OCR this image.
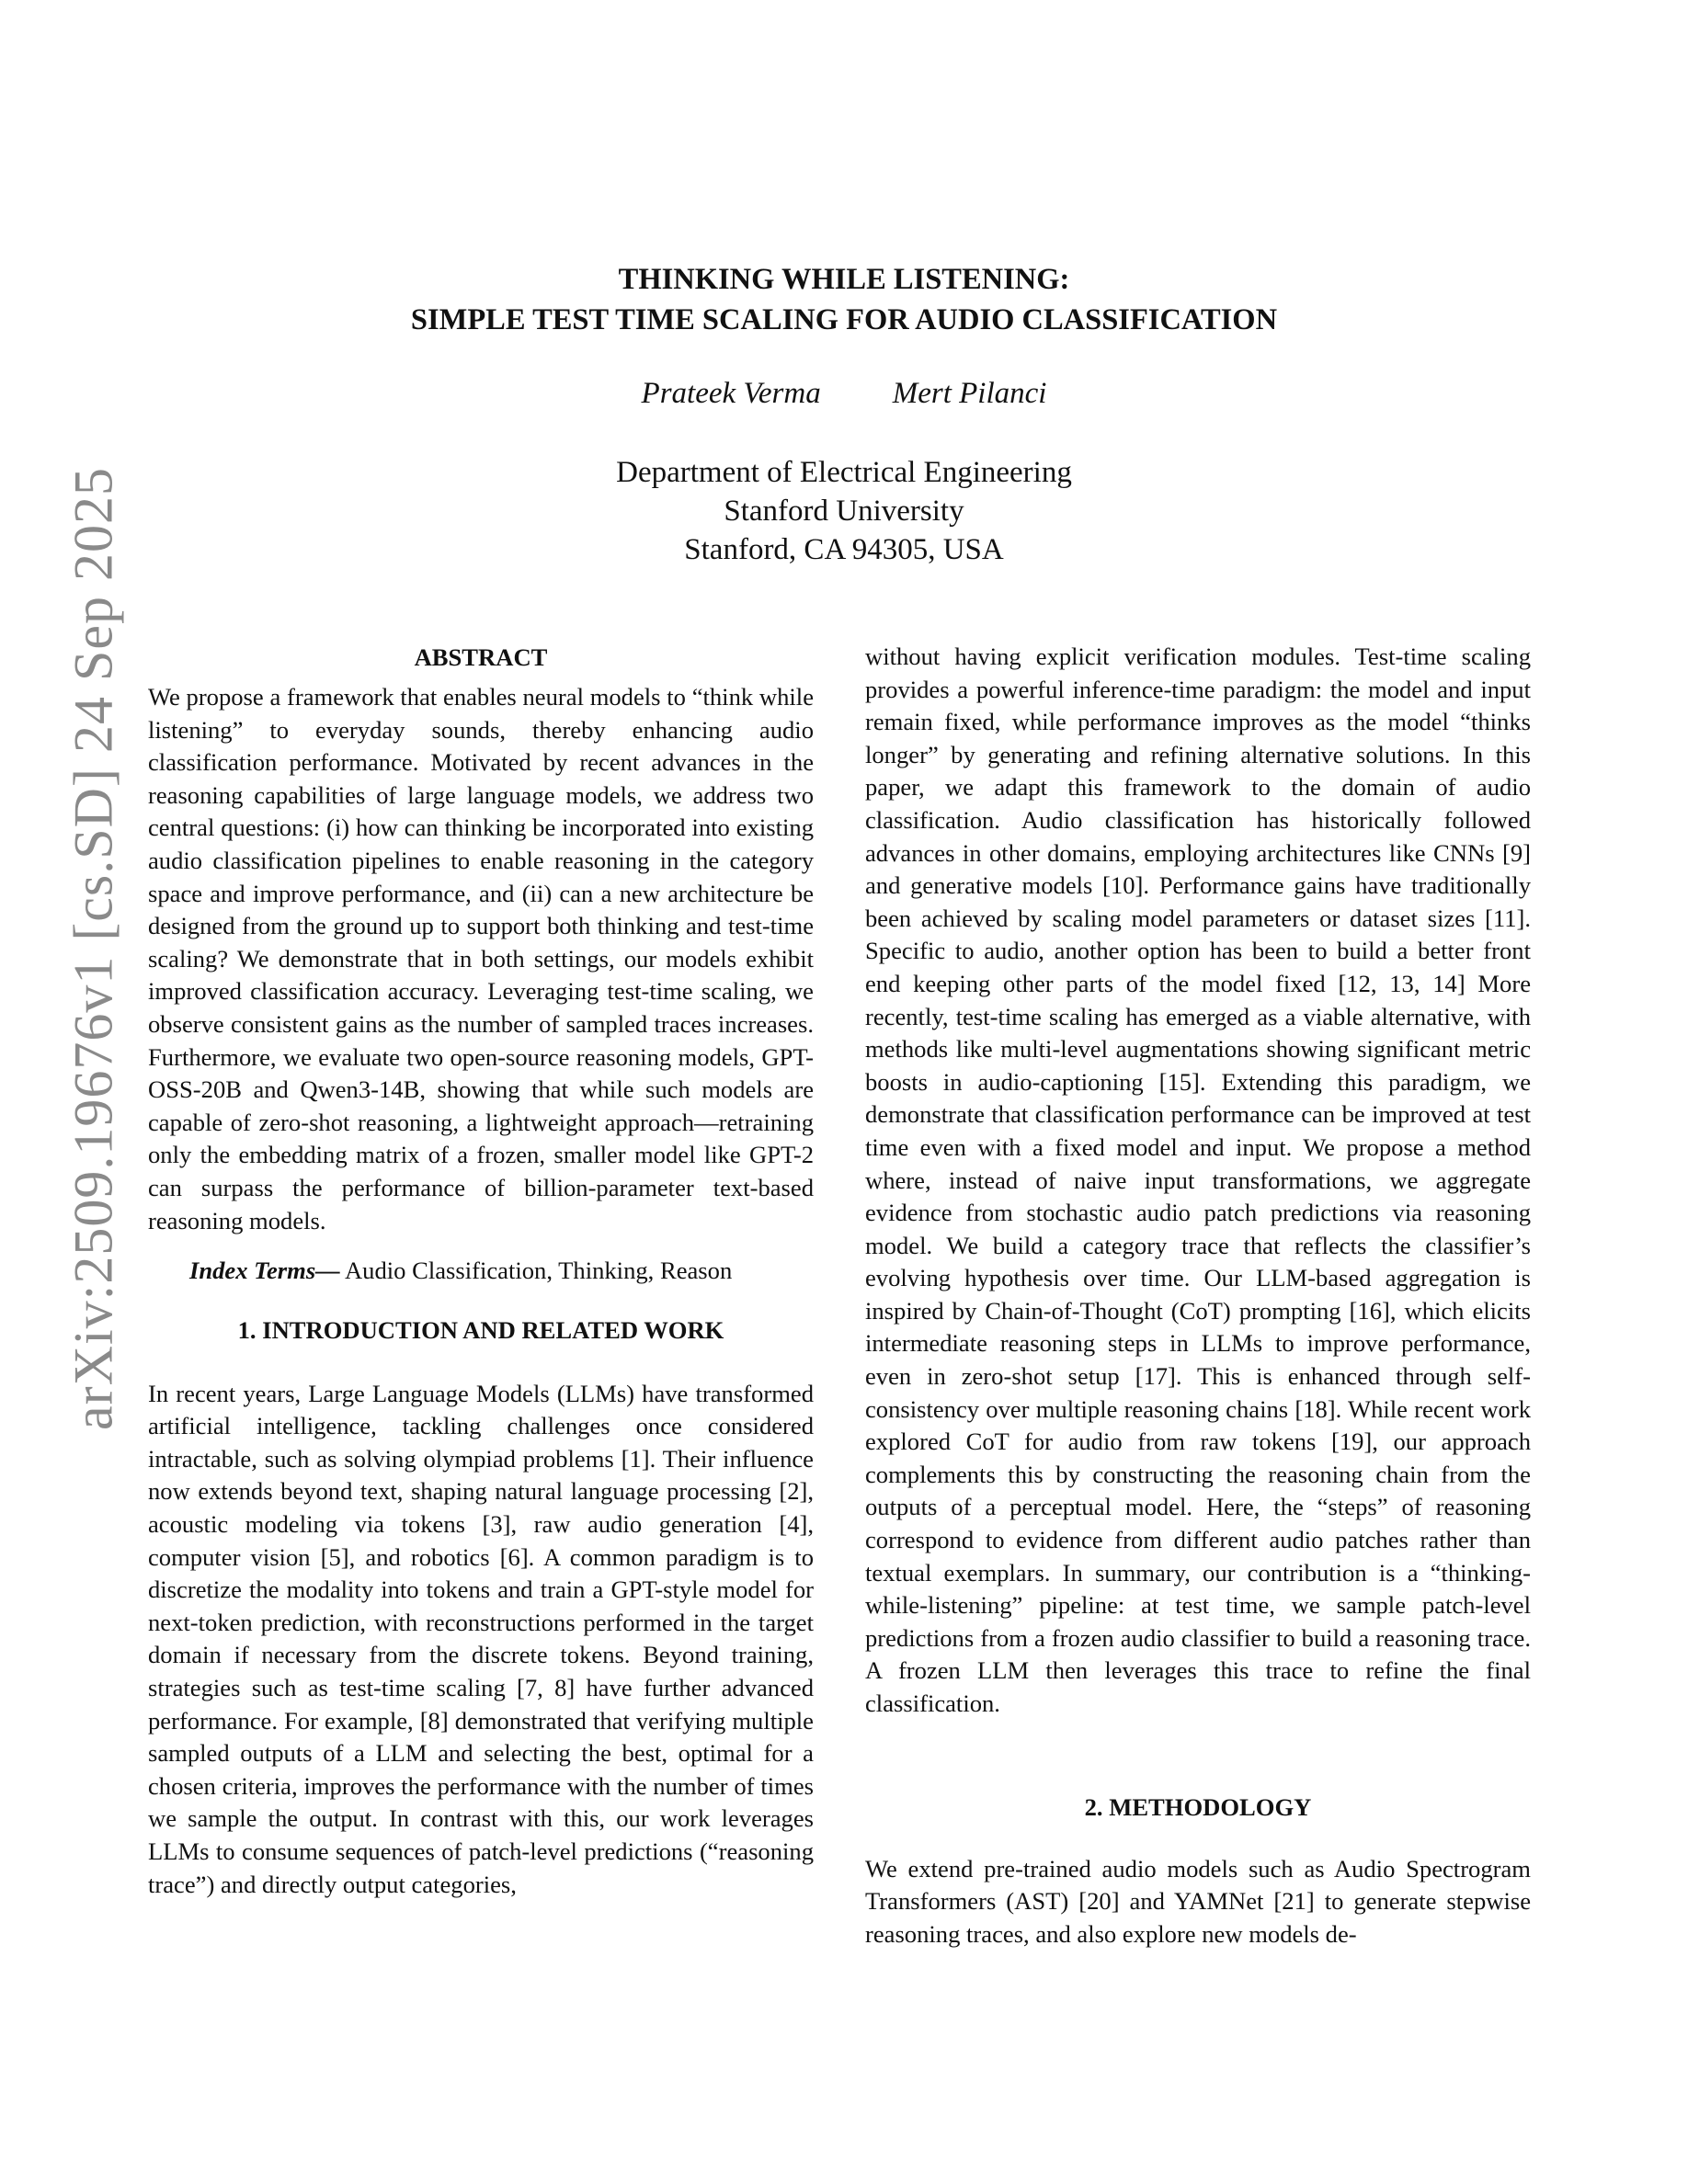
arXiv:2509.19676v1 [cs.SD] 24 Sep 2025
THINKING WHILE LISTENING:
SIMPLE TEST TIME SCALING FOR AUDIO CLASSIFICATION
Prateek Verma Mert Pilanci
Department of Electrical Engineering
Stanford University
Stanford, CA 94305, USA
ABSTRACT

We propose a framework that enables neural models to “think while listening” to everyday sounds, thereby enhancing audio classification performance. Motivated by recent advances in the reasoning capabilities of large language models, we address two central questions: (i) how can thinking be incorporated into existing audio classification pipelines to enable reasoning in the category space and improve performance, and (ii) can a new architecture be designed from the ground up to support both thinking and test-time scaling? We demonstrate that in both settings, our models exhibit improved classification accuracy. Leveraging test-time scaling, we observe consistent gains as the number of sampled traces increases. Furthermore, we evaluate two open-source reasoning models, GPT-OSS-20B and Qwen3-14B, showing that while such models are capable of zero-shot reasoning, a lightweight approach—retraining only the embedding matrix of a frozen, smaller model like GPT-2 can surpass the performance of billion-parameter text-based reasoning models.

Index Terms— Audio Classification, Thinking, Reason

1. INTRODUCTION AND RELATED WORK

In recent years, Large Language Models (LLMs) have transformed artificial intelligence, tackling challenges once considered intractable, such as solving olympiad problems [1]. Their influence now extends beyond text, shaping natural language processing [2], acoustic modeling via tokens [3], raw audio generation [4], computer vision [5], and robotics [6]. A common paradigm is to discretize the modality into tokens and train a GPT-style model for next-token prediction, with reconstructions performed in the target domain if necessary from the discrete tokens. Beyond training, strategies such as test-time scaling [7, 8] have further advanced performance. For example, [8] demonstrated that verifying multiple sampled outputs of a LLM and selecting the best, optimal for a chosen criteria, improves the performance with the number of times we sample the output. In contrast with this, our work leverages LLMs to consume sequences of patch-level predictions (“reasoning trace”) and directly output categories,

without having explicit verification modules. Test-time scaling provides a powerful inference-time paradigm: the model and input remain fixed, while performance improves as the model “thinks longer” by generating and refining alternative solutions. In this paper, we adapt this framework to the domain of audio classification. Audio classification has historically followed advances in other domains, employing architectures like CNNs [9] and generative models [10]. Performance gains have traditionally been achieved by scaling model parameters or dataset sizes [11]. Specific to audio, another option has been to build a better front end keeping other parts of the model fixed [12, 13, 14] More recently, test-time scaling has emerged as a viable alternative, with methods like multi-level augmentations showing significant metric boosts in audio-captioning [15]. Extending this paradigm, we demonstrate that classification performance can be improved at test time even with a fixed model and input. We propose a method where, instead of naive input transformations, we aggregate evidence from stochastic audio patch predictions via reasoning model. We build a category trace that reflects the classifier’s evolving hypothesis over time. Our LLM-based aggregation is inspired by Chain-of-Thought (CoT) prompting [16], which elicits intermediate reasoning steps in LLMs to improve performance, even in zero-shot setup [17]. This is enhanced through self-consistency over multiple reasoning chains [18]. While recent work explored CoT for audio from raw tokens [19], our approach complements this by constructing the reasoning chain from the outputs of a perceptual model. Here, the “steps” of reasoning correspond to evidence from different audio patches rather than textual exemplars. In summary, our contribution is a “thinking-while-listening” pipeline: at test time, we sample patch-level predictions from a frozen audio classifier to build a reasoning trace. A frozen LLM then leverages this trace to refine the final classification.

2. METHODOLOGY

We extend pre-trained audio models such as Audio Spectrogram Transformers (AST) [20] and YAMNet [21] to generate stepwise reasoning traces, and also explore new models de-
